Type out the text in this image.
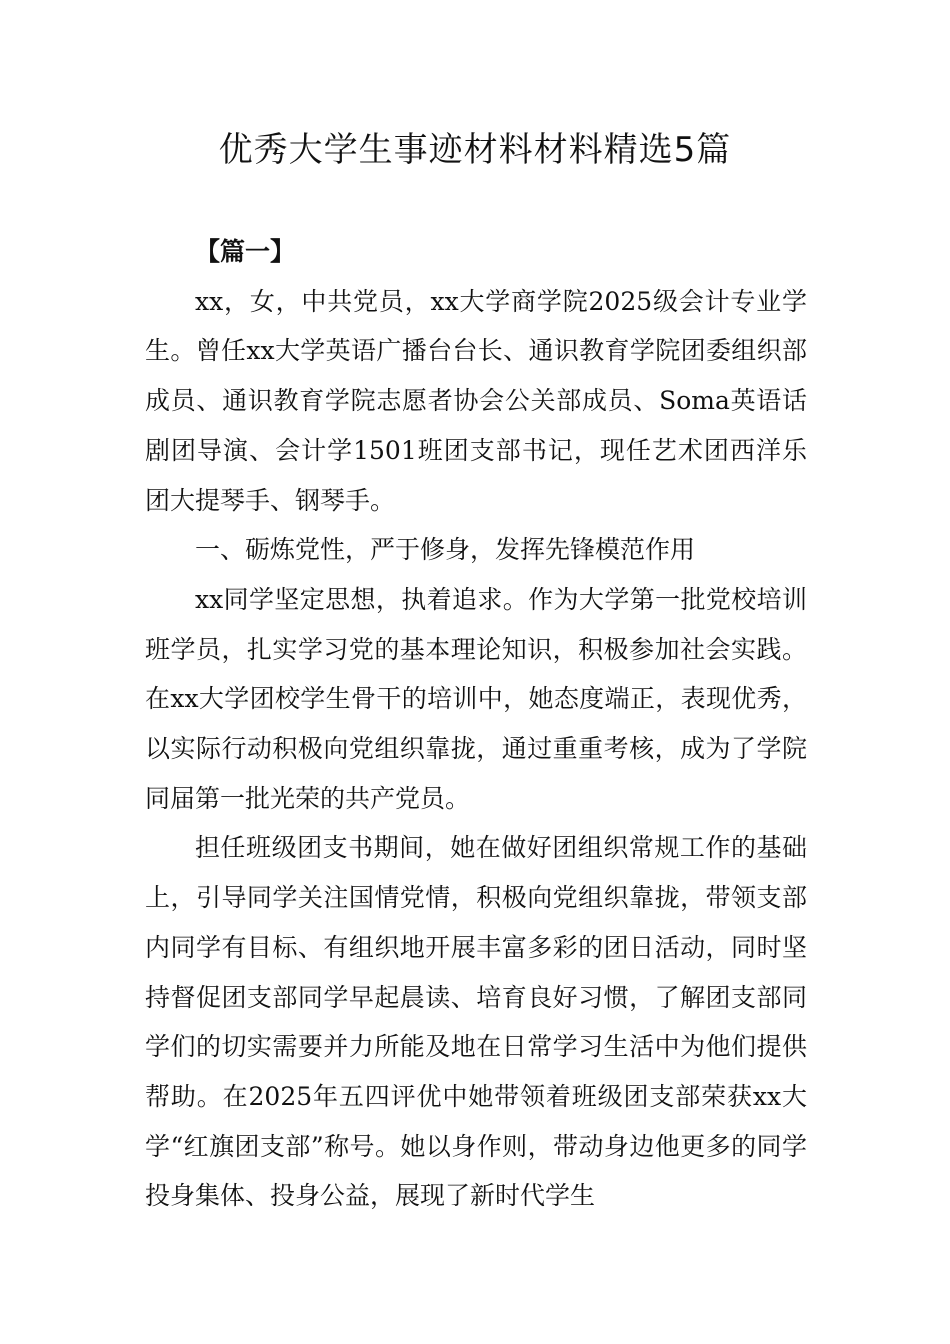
优秀大学生事迹材料材料精选5篇

【篇一】

xx，女，中共党员，xx大学商学院2025级会计专业学生。曾任xx大学英语广播台台长、通识教育学院团委组织部成员、通识教育学院志愿者协会公关部成员、Soma英语话剧团导演、会计学1501班团支部书记，现任艺术团西洋乐团大提琴手、钢琴手。

一、砺炼党性，严于修身，发挥先锋模范作用

xx同学坚定思想，执着追求。作为大学第一批党校培训班学员，扎实学习党的基本理论知识，积极参加社会实践。在xx大学团校学生骨干的培训中，她态度端正，表现优秀，以实际行动积极向党组织靠拢，通过重重考核，成为了学院同届第一批光荣的共产党员。

担任班级团支书期间，她在做好团组织常规工作的基础上，引导同学关注国情党情，积极向党组织靠拢，带领支部内同学有目标、有组织地开展丰富多彩的团日活动，同时坚持督促团支部同学早起晨读、培育良好习惯，了解团支部同学们的切实需要并力所能及地在日常学习生活中为他们提供帮助。在2025年五四评优中她带领着班级团支部荣获xx大学“红旗团支部”称号。她以身作则，带动身边他更多的同学投身集体、投身公益，展现了新时代学生
